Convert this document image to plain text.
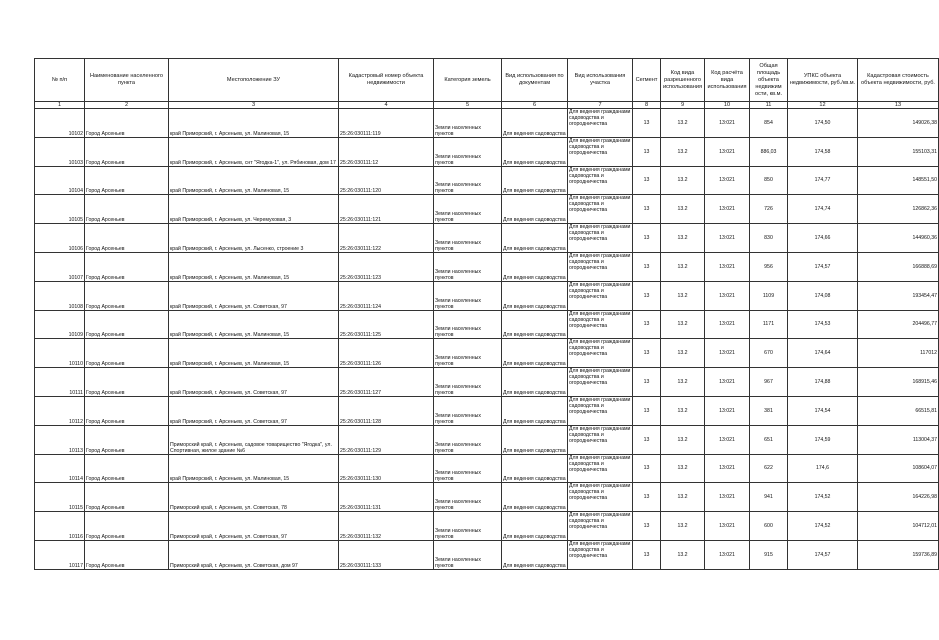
№ п/п	Наименование населенного пункта	Местоположение ЗУ	Кадастровый номер объекта недвижимости	Категория земель	Вид использования по документам	Вид использования участка	Сегмент	Код вида разрешенного использования	Код расчёта вида использования	Общая площадь объекта недвижим ости, кв.м.	УПКС объекта недвижимости, руб./кв.м.	Кадастровая стоимость объекта недвижимости, руб.
1	2	3	4	5	6	7	8	9	10	11	12	13
10102	Город Арсеньев	край Приморский, г. Арсеньев, ул. Малиновая, 15	25:26:030111:119	Земли населенных пунктов	Для ведения садоводства	Для ведения гражданами садоводства и огородничества	13	13.2	13:021	854	174,50	149026,38
10103	Город Арсеньев	край Приморский, г. Арсеньев, снт "Ягодка-1", ул. Рябиновая, дом 17	25:26:030111:12	Земли населенных пунктов	Для ведения садоводства	Для ведения гражданами садоводства и огородничества	13	13.2	13:021	886,03	174,58	155103,31
10104	Город Арсеньев	край Приморский, г. Арсеньев, ул. Малиновая, 15	25:26:030111:120	Земли населенных пунктов	Для ведения садоводства	Для ведения гражданами садоводства и огородничества	13	13.2	13:021	850	174,77	148551,50
10105	Город Арсеньев	край Приморский, г. Арсеньев, ул. Черемуховая, 3	25:26:030111:121	Земли населенных пунктов	Для ведения садоводства	Для ведения гражданами садоводства и огородничества	13	13.2	13:021	726	174,74	126862,36
10106	Город Арсеньев	край Приморский, г. Арсеньев, ул. Лысенко, строение 3	25:26:030111:122	Земли населенных пунктов	Для ведения садоводства	Для ведения гражданами садоводства и огородничества	13	13.2	13:021	830	174,66	144960,36
10107	Город Арсеньев	край Приморский, г. Арсеньев, ул. Малиновая, 15	25:26:030111:123	Земли населенных пунктов	Для ведения садоводства	Для ведения гражданами садоводства и огородничества	13	13.2	13:021	956	174,57	166888,69
10108	Город Арсеньев	край Приморский, г. Арсеньев, ул. Советская, 97	25:26:030111:124	Земли населенных пунктов	Для ведения садоводства	Для ведения гражданами садоводства и огородничества	13	13.2	13:021	1109	174,08	193454,47
10109	Город Арсеньев	край Приморский, г. Арсеньев, ул. Малиновая, 15	25:26:030111:125	Земли населенных пунктов	Для ведения садоводства	Для ведения гражданами садоводства и огородничества	13	13.2	13:021	1171	174,53	204496,77
10110	Город Арсеньев	край Приморский, г. Арсеньев, ул. Малиновая, 15	25:26:030111:126	Земли населенных пунктов	Для ведения садоводства	Для ведения гражданами садоводства и огородничества	13	13.2	13:021	670	174,64	117012
10111	Город Арсеньев	край Приморский, г. Арсеньев, ул. Советская, 97	25:26:030111:127	Земли населенных пунктов	Для ведения садоводства	Для ведения гражданами садоводства и огородничества	13	13.2	13:021	967	174,88	168915,46
10112	Город Арсеньев	край Приморский, г. Арсеньев, ул. Советская, 97	25:26:030111:128	Земли населенных пунктов	Для ведения садоводства	Для ведения гражданами садоводства и огородничества	13	13.2	13:021	381	174,54	66515,81
10113	Город Арсеньев	Приморский край, г. Арсеньев, садовое товарищество "Ягодка", ул. Спортивная, жилое здание №6	25:26:030111:129	Земли населенных пунктов	Для ведения садоводства	Для ведения гражданами садоводства и огородничества	13	13.2	13:021	651	174,59	113004,37
10114	Город Арсеньев	край Приморский, г. Арсеньев, ул. Малиновая, 15	25:26:030111:130	Земли населенных пунктов	Для ведения садоводства	Для ведения гражданами садоводства и огородничества	13	13.2	13:021	622	174,6	108604,07
10115	Город Арсеньев	Приморский край, г. Арсеньев, ул. Советская, 78	25:26:030111:131	Земли населенных пунктов	Для ведения садоводства	Для ведения гражданами садоводства и огородничества	13	13.2	13:021	941	174,52	164226,98
10116	Город Арсеньев	Приморский край, г. Арсеньев, ул. Советская, 97	25:26:030111:132	Земли населенных пунктов	Для ведения садоводства	Для ведения гражданами садоводства и огородничества	13	13.2	13:021	600	174,52	104712,01
10117	Город Арсеньев	Приморский край, г. Арсеньев, ул. Советская, дом 97	25:26:030111:133	Земли населенных пунктов	Для ведения садоводства	Для ведения гражданами садоводства и огородничества	13	13.2	13:021	915	174,57	159736,89
